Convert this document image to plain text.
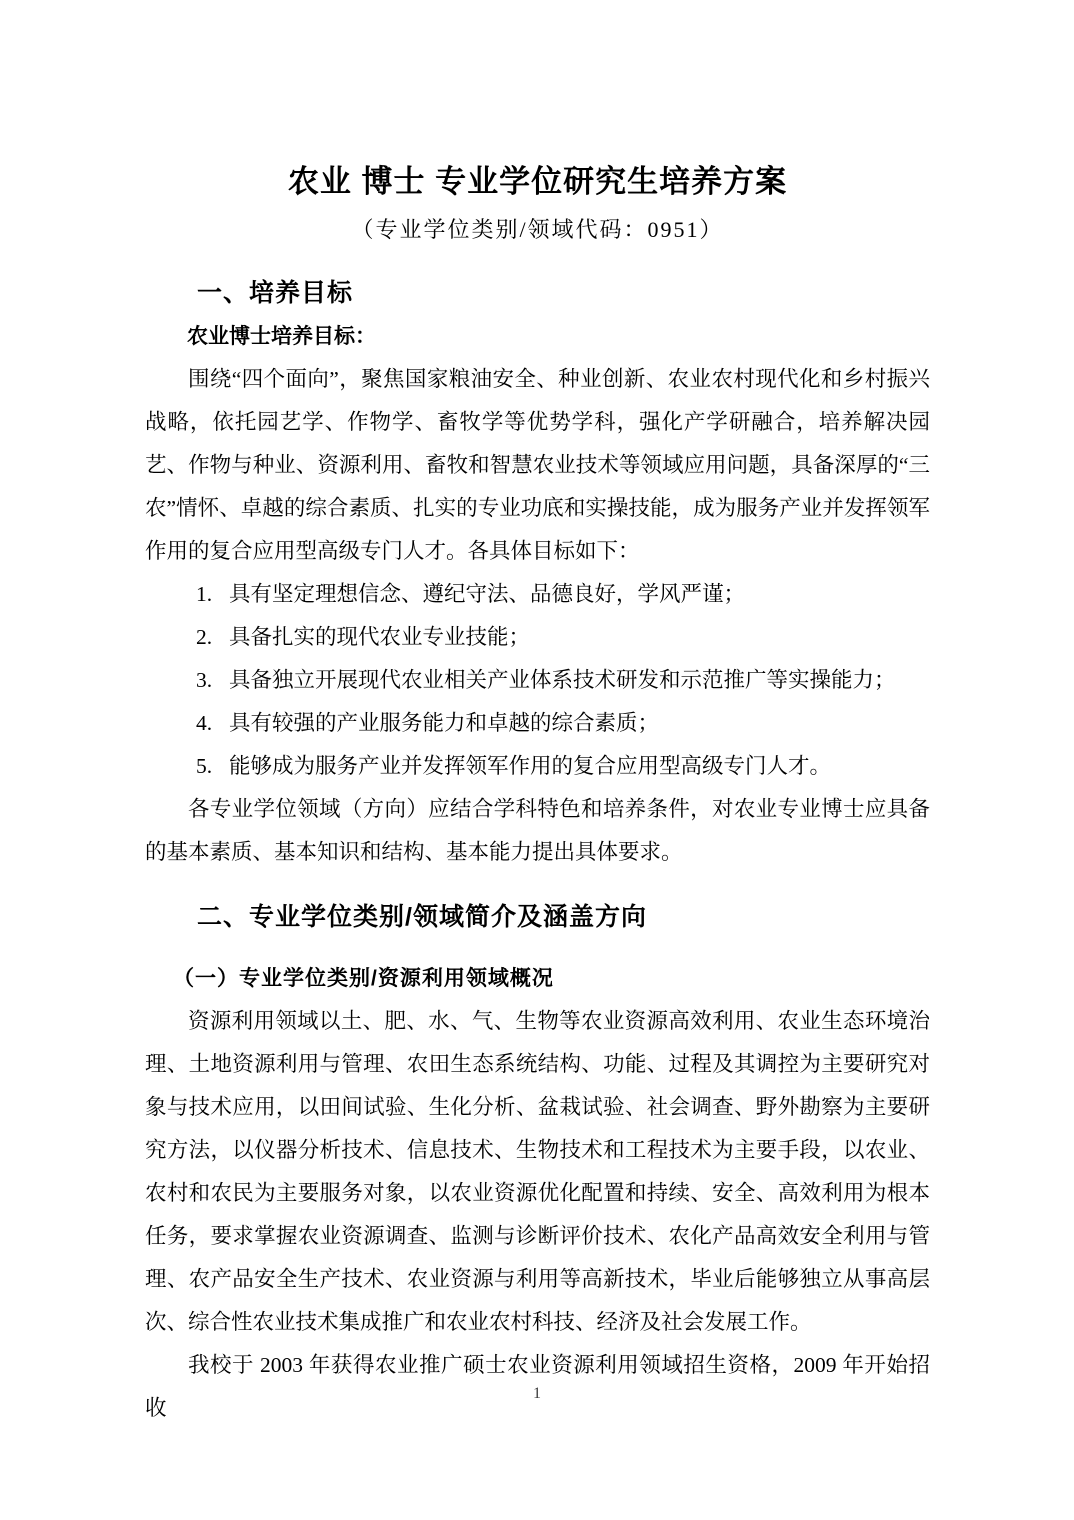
农业 博士 专业学位研究生培养方案
（专业学位类别/领域代码：0951）
一、培养目标
农业博士培养目标：
围绕“四个面向”，聚焦国家粮油安全、种业创新、农业农村现代化和乡村振兴战略，依托园艺学、作物学、畜牧学等优势学科，强化产学研融合，培养解决园艺、作物与种业、资源利用、畜牧和智慧农业技术等领域应用问题，具备深厚的“三农”情怀、卓越的综合素质、扎实的专业功底和实操技能，成为服务产业并发挥领军作用的复合应用型高级专门人才。各具体目标如下：
1. 具有坚定理想信念、遵纪守法、品德良好，学风严谨；
2. 具备扎实的现代农业专业技能；
3. 具备独立开展现代农业相关产业体系技术研发和示范推广等实操能力；
4. 具有较强的产业服务能力和卓越的综合素质；
5. 能够成为服务产业并发挥领军作用的复合应用型高级专门人才。
各专业学位领域（方向）应结合学科特色和培养条件，对农业专业博士应具备的基本素质、基本知识和结构、基本能力提出具体要求。
二、专业学位类别/领域简介及涵盖方向
（一）专业学位类别/资源利用领域概况
资源利用领域以土、肥、水、气、生物等农业资源高效利用、农业生态环境治理、土地资源利用与管理、农田生态系统结构、功能、过程及其调控为主要研究对象与技术应用，以田间试验、生化分析、盆栽试验、社会调查、野外勘察为主要研究方法，以仪器分析技术、信息技术、生物技术和工程技术为主要手段，以农业、农村和农民为主要服务对象，以农业资源优化配置和持续、安全、高效利用为根本任务，要求掌握农业资源调查、监测与诊断评价技术、农化产品高效安全利用与管理、农产品安全生产技术、农业资源与利用等高新技术，毕业后能够独立从事高层次、综合性农业技术集成推广和农业农村科技、经济及社会发展工作。
我校于 2003 年获得农业推广硕士农业资源利用领域招生资格，2009 年开始招收
1
